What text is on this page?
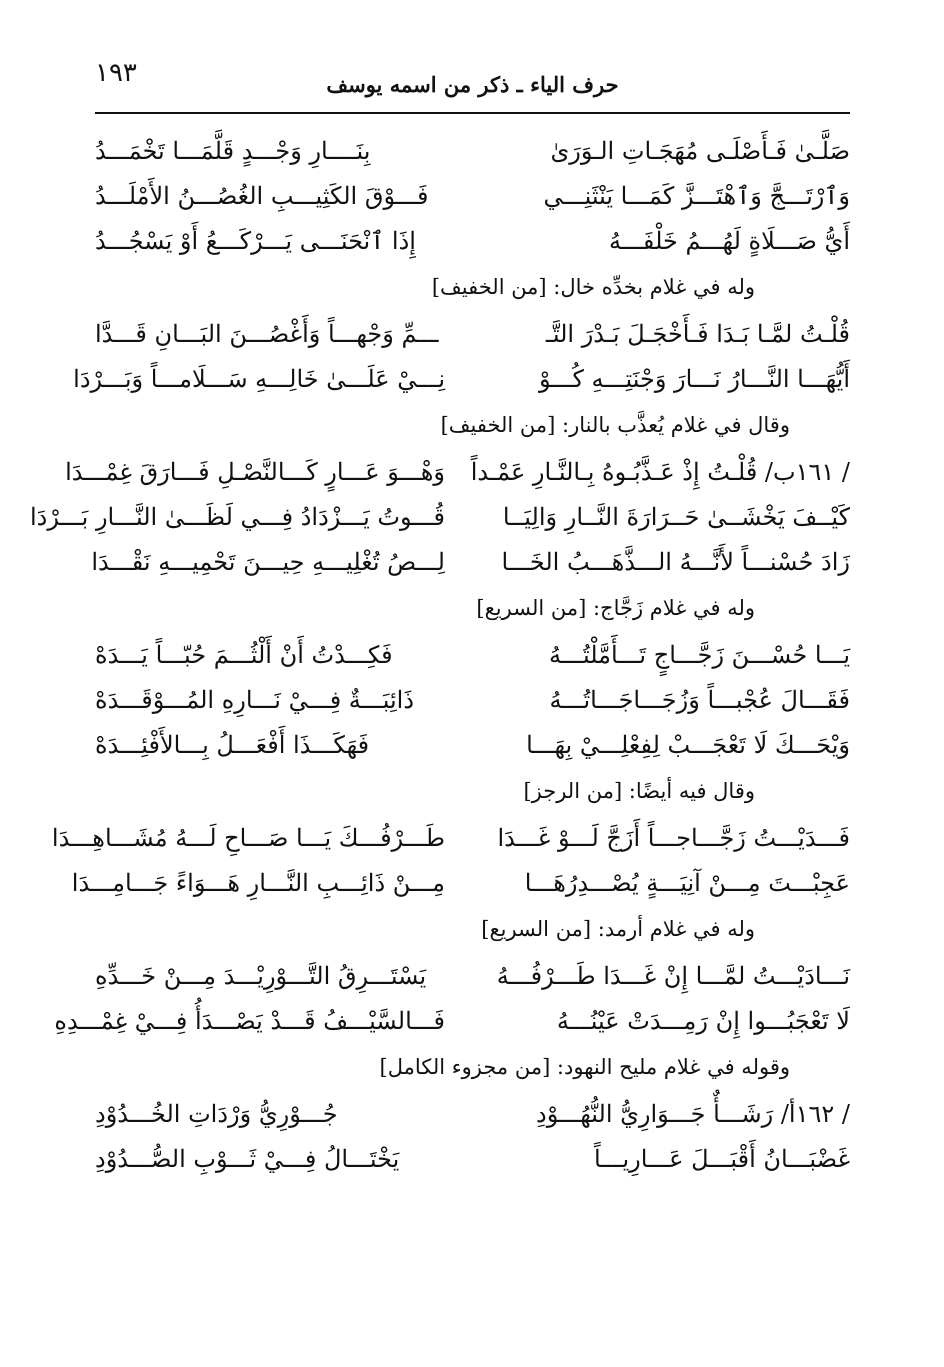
١٩٣	حرف الياء ـ ذكر من اسمه يوسف
صَلَّـىٰ فَـأَصْلَـى مُهَجَـاتِ الـوَرَىٰ
بِنَــــارِ وَجْـــدٍ قَلَّمَـــا تَخْمَـــدُ
وَٱرْتَـــجَّ وَٱهْتَـــزَّ كَمَـــا يَنْثَنِـــي
فَـــوْقَ الكَثِيـــبِ الغُصُـــنُ الأَمْلَـــدُ
أَيُّ صَـــلَاةٍ لَهُـــمُ خَلْفَـــهُ
إِذَا ٱنْحَنَـــى يَـــرْكَـــعُ أَوْ يَسْجُـــدُ
وله في غلام بخدِّه خال: [من الخفيف]
قُلْـتُ لمَّـا بَـدَا فَـأَخْجَـلَ بَـدْرَ التَّـ
ـــمِّ وَجْهـــاً وَأَغْصُـــنَ البَـــانِ قَـــدَّا
أَيُّهَـــا النَّـــارُ نَـــارَ وَجْنَتِـــهِ كُـــوْ
نِـــيْ عَلَـــىٰ خَالِـــهِ سَـــلَامـــاً وَبَـــرْدَا
وقال في غلام يُعذَّب بالنار: [من الخفيف]
/ ١٦١ب/ قُلْـتُ إِذْ عَـذَّبُـوهُ بِـالنَّـارِ عَمْـداً
وَهْـــوَ عَـــارٍ كَـــالنَّصْـلِ فَـــارَقَ غِمْـــدَا
كَيْــفَ يَخْشَــىٰ حَــرَارَةَ النَّــارِ وَالِيَــا
قُـــوتُ يَـــزْدَادُ فِـــي لَظَـــىٰ النَّـــارِ بَـــرْدَا
زَادَ حُسْنـــاً لأَنَّـــهُ الـــذَّهَـــبُ الخَـــا
لِـــصُ تُغْلِيـــهِ حِيـــنَ تَحْمِيـــهِ نَقْـــدَا
وله في غلام زَجَّاج: [من السريع]
يَـــا حُسْـــنَ زَجَّـــاجٍ تَـــأَمَّلْتُـــهُ
فَكِـــدْتُ أَنْ أَلْثُـــمَ حُبّـــاً يَـــدَهْ
فَقَـــالَ عُجْبـــاً وَزُجَـــاجَـــاتُـــهُ
ذَائِبَـــةٌ فِـــيْ نَـــارِهِ المُـــوْقَـــدَهْ
وَيْحَـــكَ لَا تَعْجَـــبْ لِفِعْلِـــيْ بِهَـــا
فَهَكَـــذَا أَفْعَـــلُ بِـــالأَفْئِـــدَهْ
وقال فيه أيضًا: [من الرجز]
فَـــدَيْـــتُ زَجَّـــاجـــاً أَزَجَّ لَـــوْ غَـــدَا
طَـــرْفُـــكَ يَـــا صَـــاحِ لَـــهُ مُشَـــاهِـــدَا
عَجِبْـــتَ مِـــنْ آنِيَـــةٍ يُصْـــدِرُهَـــا
مِـــنْ ذَائِـــبِ النَّـــارِ هَـــوَاءً جَـــامِـــدَا
وله في غلام أرمد: [من السريع]
نَـــادَيْـــتُ لمَّـــا إِنْ غَـــدَا طَـــرْفُـــهُ
يَسْتَـــرِقُ التَّـــوْرِيْـــدَ مِـــنْ خَـــدِّهِ
لَا تَعْجَبُـــوا إِنْ رَمِـــدَتْ عَيْنُـــهُ
فَـــالسَّيْـــفُ قَـــدْ يَصْـــدَأُ فِـــيْ غِمْـــدِهِ
وقوله في غلام مليح النهود: [من مجزوء الكامل]
/ ١٦٢أ/ رَشَـــأٌ جَـــوَارِيُّ النُّهُـــوْدِ
جُـــوْرِيُّ وَرْدَاتِ الخُـــدُوْدِ
غَضْبَـــانُ أَقْبَـــلَ عَـــارِيـــاً
يَخْتَـــالُ فِـــيْ ثَـــوْبِ الصُّـــدُوْدِ
